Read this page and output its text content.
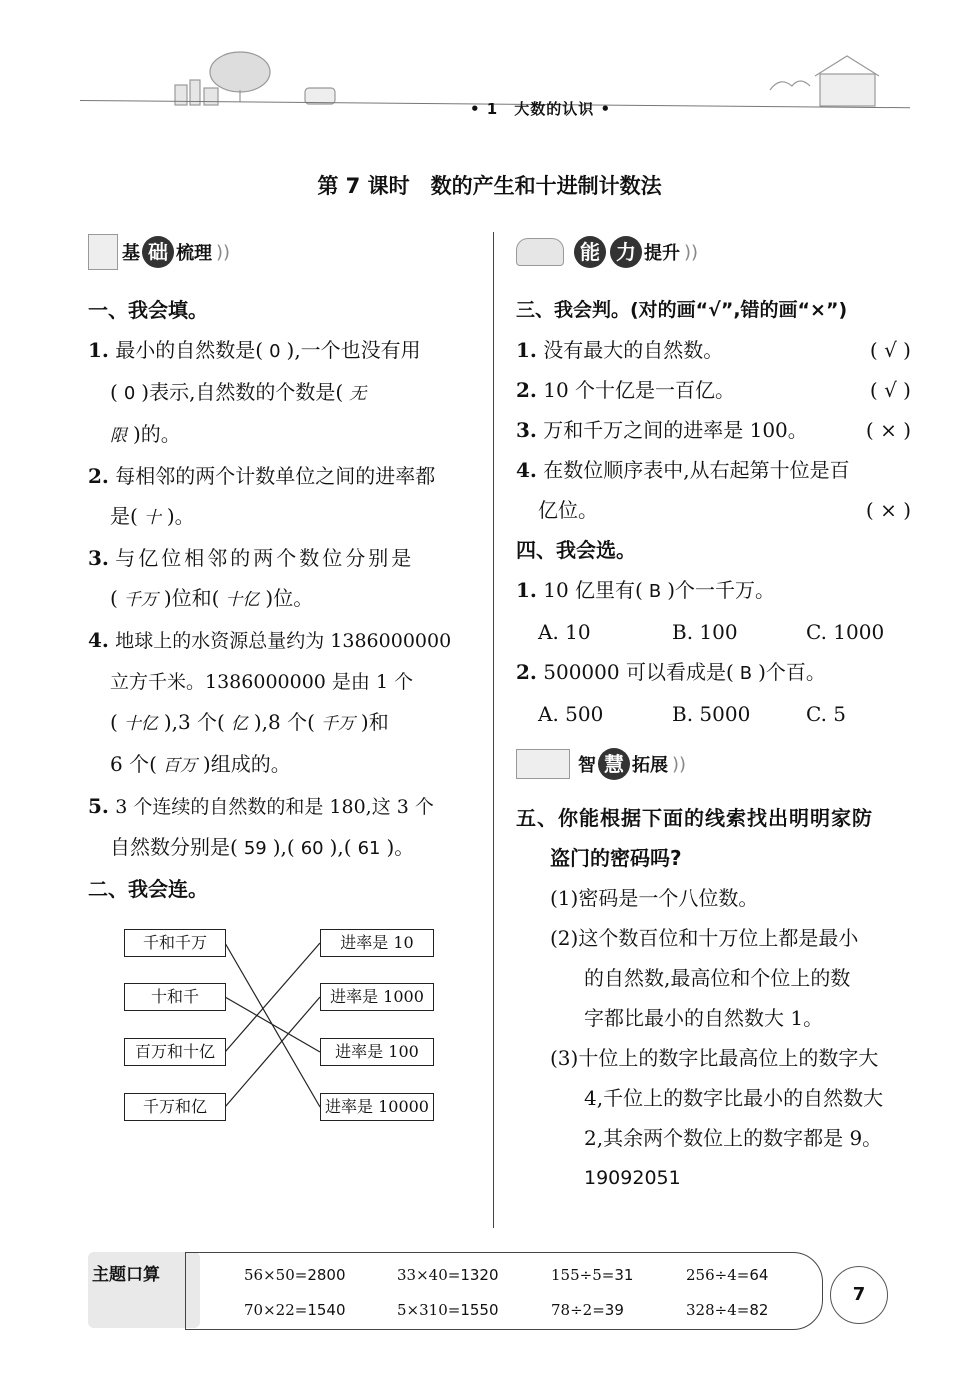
• 1　大数的认识 •
第 7 课时　数的产生和十进制计数法
基 础 梳理 ))
一、我会填。
1. 最小的自然数是( 0 ),一个也没有用
( 0 )表示,自然数的个数是( 无
限 )的。
2. 每相邻的两个计数单位之间的进率都
是( 十 )。
3. 与亿位相邻的两个数位分别是
( 千万 )位和( 十亿 )位。
4. 地球上的水资源总量约为 1386000000
立方千米。1386000000 是由 1 个
( 十亿 ),3 个( 亿 ),8 个( 千万 )和
6 个( 百万 )组成的。
5. 3 个连续的自然数的和是 180,这 3 个
自然数分别是( 59 ),( 60 ),( 61 )。
二、我会连。
千和千万
十和千
百万和十亿
千万和亿
进率是 10
进率是 1000
进率是 100
进率是 10000
能 力 提升 ))
三、我会判。(对的画“√”,错的画“×”)
1. 没有最大的自然数。	( √ )
2. 10 个十亿是一百亿。	( √ )
3. 万和千万之间的进率是 100。	( × )
4. 在数位顺序表中,从右起第十位是百
亿位。	( × )
四、我会选。
1. 10 亿里有( B )个一千万。
A. 10	B. 100	C. 1000
2. 500000 可以看成是( B )个百。
A. 500	B. 5000	C. 5
智 慧 拓展 ))
五、你能根据下面的线索找出明明家防
盗门的密码吗?
(1)密码是一个八位数。
(2)这个数百位和十万位上都是最小
的自然数,最高位和个位上的数
字都比最小的自然数大 1。
(3)十位上的数字比最高位上的数字大
4,千位上的数字比最小的自然数大
2,其余两个数位上的数字都是 9。
19092051
主题口算	56×50=2800	33×40=1320	155÷5=31	256÷4=64
70×22=1540	5×310=1550	78÷2=39	328÷4=82
7
